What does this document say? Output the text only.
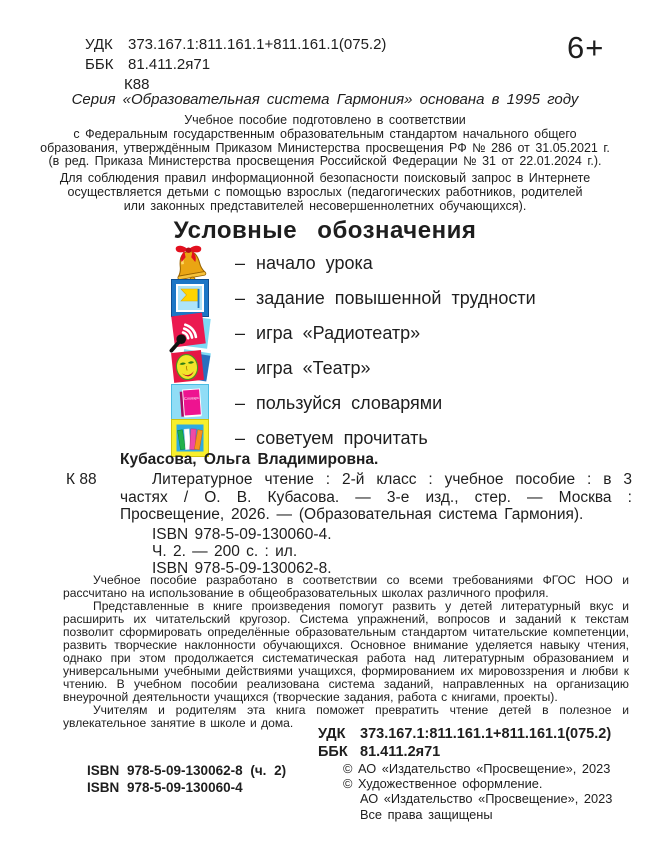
УДК 373.167.1:811.161.1+811.161.1(075.2)
ББК 81.411.2я71
К88
6+
Серия «Образовательная система Гармония» основана в 1995 году
Учебное пособие подготовлено в соответствии
с Федеральным государственным образовательным стандартом начального общего
образования, утверждённым Приказом Министерства просвещения РФ № 286 от 31.05.2021 г.
(в ред. Приказа Министерства просвещения Российской Федерации № 31 от 22.01.2024 г.).
Для соблюдения правил информационной безопасности поисковый запрос в Интернете
осуществляется детьми с помощью взрослых (педагогических работников, родителей
или законных представителей несовершеннолетних обучающихся).
Условные обозначения
– начало урока
– задание повышенной трудности
– игра «Радиотеатр»
– игра «Театр»
Словарь – пользуйся словарями
– советуем прочитать
Кубасова, Ольга Владимировна.
К 88	Литературное чтение : 2-й класс : учебное пособие : в 3 частях / О. В. Кубасова. — 3-е изд., стер. — Москва : Просвещение, 2026. — (Образовательная система Гармония).
ISBN 978-5-09-130060-4.
Ч. 2. — 200 с. : ил.
ISBN 978-5-09-130062-8.

Учебное пособие разработано в соответствии со всеми требованиями ФГОС НОО и рассчитано на использование в общеобразовательных школах различного профиля.

Представленные в книге произведения помогут развить у детей литературный вкус и расширить их читательский кругозор. Система упражнений, вопросов и заданий к текстам позволит сформировать определённые образовательным стандартом читательские компетенции, развить творческие наклонности обучающихся. Основное внимание уделяется навыку чтения, однако при этом продолжается систематическая работа над литературным образованием и универсальными учебными действиями учащихся, формированием их мировоззрения и любви к чтению. В учебном пособии реализована система заданий, направленных на организацию внеурочной деятельности учащихся (творческие задания, работа с книгами, проекты).

Учителям и родителям эта книга поможет превратить чтение детей в полезное и увлекательное занятие в школе и дома.

УДК 373.167.1:811.161.1+811.161.1(075.2)
ББК 81.411.2я71
ISBN 978-5-09-130062-8 (ч. 2)
ISBN 978-5-09-130060-4
© АО «Издательство «Просвещение», 2023
© Художественное оформление.
АО «Издательство «Просвещение», 2023
Все права защищены
